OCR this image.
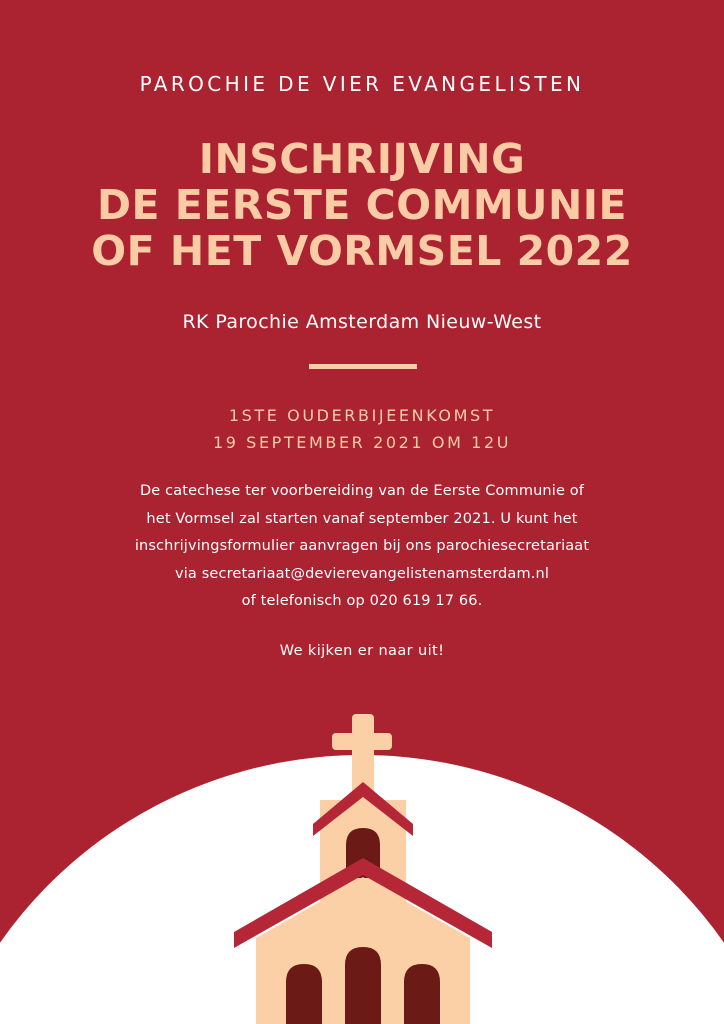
PAROCHIE DE VIER EVANGELISTEN
INSCHRIJVING
DE EERSTE COMMUNIE
OF HET VORMSEL 2022
RK Parochie Amsterdam Nieuw-West
1STE OUDERBIJEENKOMST
19 SEPTEMBER 2021 OM 12U
De catechese ter voorbereiding van de Eerste Communie of
het Vormsel zal starten vanaf september 2021. U kunt het
inschrijvingsformulier aanvragen bij ons parochiesecretariaat
via secretariaat@devierevangelistenamsterdam.nl
of telefonisch op 020 619 17 66.
We kijken er naar uit!
